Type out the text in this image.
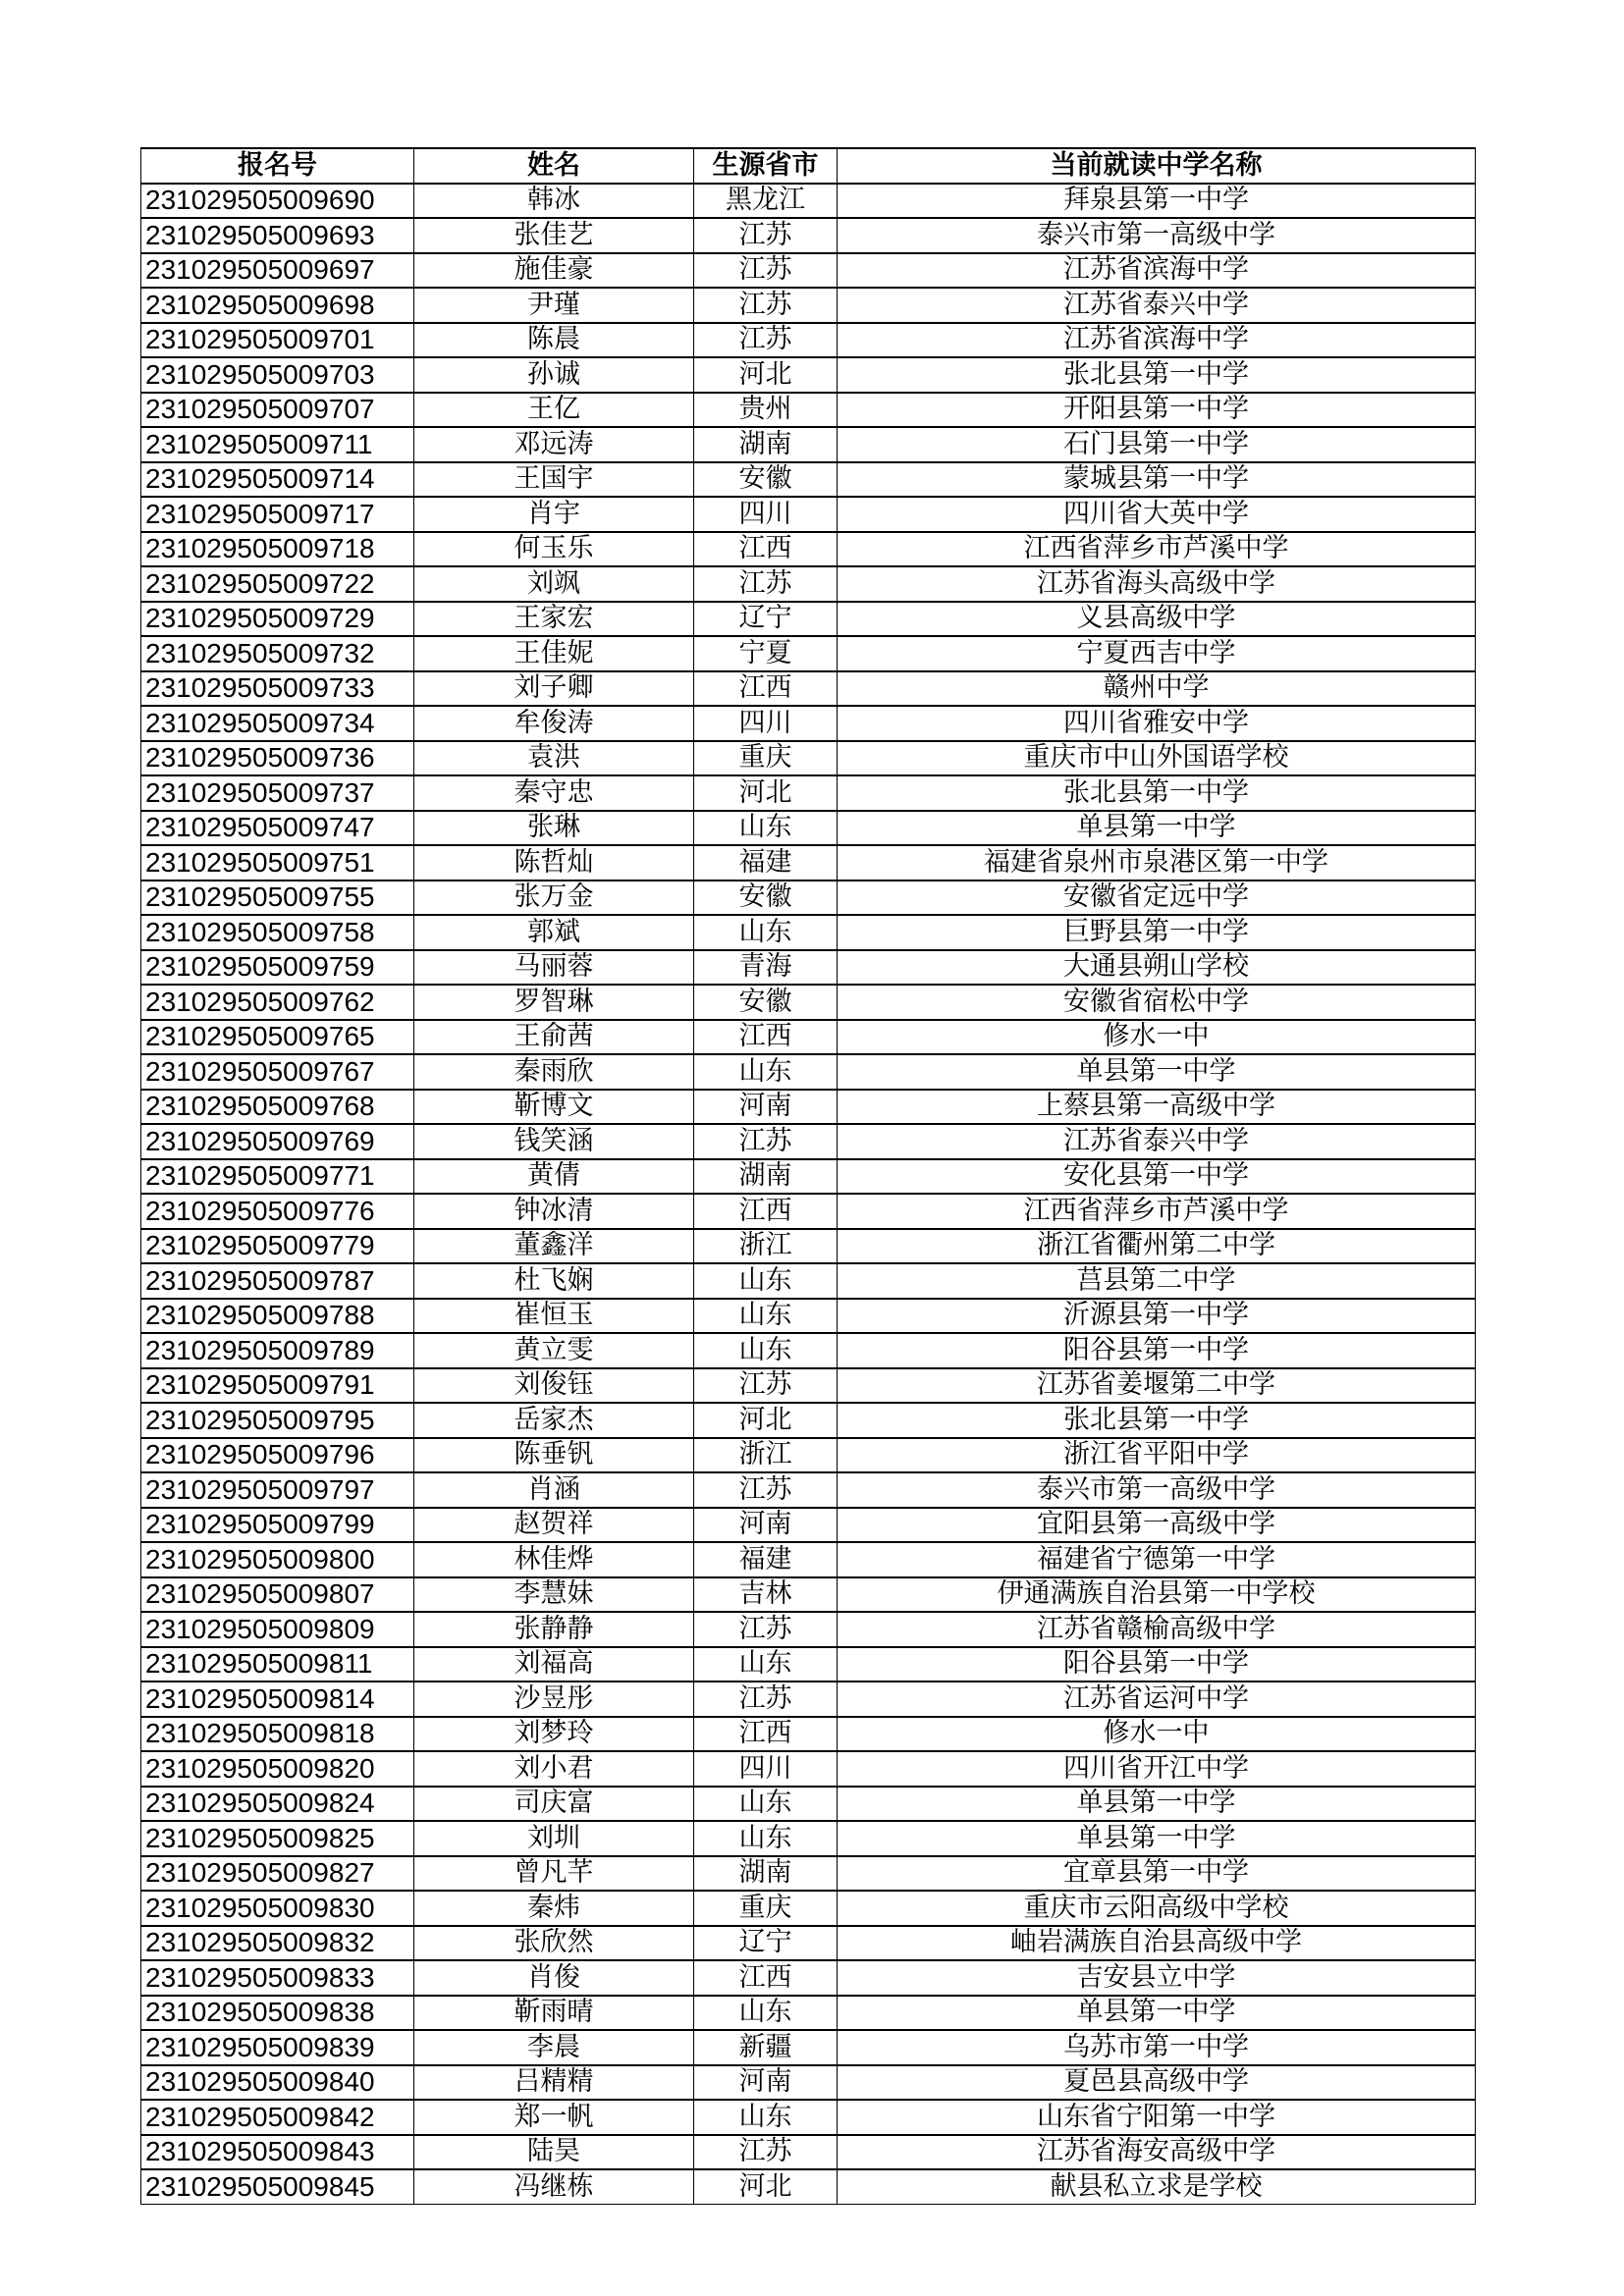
报名号	姓名	生源省市	当前就读中学名称
231029505009690	韩冰	黑龙江	拜泉县第一中学
231029505009693	张佳艺	江苏	泰兴市第一高级中学
231029505009697	施佳豪	江苏	江苏省滨海中学
231029505009698	尹瑾	江苏	江苏省泰兴中学
231029505009701	陈晨	江苏	江苏省滨海中学
231029505009703	孙诚	河北	张北县第一中学
231029505009707	王亿	贵州	开阳县第一中学
231029505009711	邓远涛	湖南	石门县第一中学
231029505009714	王国宇	安徽	蒙城县第一中学
231029505009717	肖宇	四川	四川省大英中学
231029505009718	何玉乐	江西	江西省萍乡市芦溪中学
231029505009722	刘飒	江苏	江苏省海头高级中学
231029505009729	王家宏	辽宁	义县高级中学
231029505009732	王佳妮	宁夏	宁夏西吉中学
231029505009733	刘子卿	江西	赣州中学
231029505009734	牟俊涛	四川	四川省雅安中学
231029505009736	袁洪	重庆	重庆市中山外国语学校
231029505009737	秦守忠	河北	张北县第一中学
231029505009747	张琳	山东	单县第一中学
231029505009751	陈哲灿	福建	福建省泉州市泉港区第一中学
231029505009755	张万金	安徽	安徽省定远中学
231029505009758	郭斌	山东	巨野县第一中学
231029505009759	马丽蓉	青海	大通县朔山学校
231029505009762	罗智琳	安徽	安徽省宿松中学
231029505009765	王俞茜	江西	修水一中
231029505009767	秦雨欣	山东	单县第一中学
231029505009768	靳博文	河南	上蔡县第一高级中学
231029505009769	钱笑涵	江苏	江苏省泰兴中学
231029505009771	黄倩	湖南	安化县第一中学
231029505009776	钟冰清	江西	江西省萍乡市芦溪中学
231029505009779	董鑫洋	浙江	浙江省衢州第二中学
231029505009787	杜飞娴	山东	莒县第二中学
231029505009788	崔恒玉	山东	沂源县第一中学
231029505009789	黄立雯	山东	阳谷县第一中学
231029505009791	刘俊钰	江苏	江苏省姜堰第二中学
231029505009795	岳家杰	河北	张北县第一中学
231029505009796	陈垂钒	浙江	浙江省平阳中学
231029505009797	肖涵	江苏	泰兴市第一高级中学
231029505009799	赵贺祥	河南	宜阳县第一高级中学
231029505009800	林佳烨	福建	福建省宁德第一中学
231029505009807	李慧妹	吉林	伊通满族自治县第一中学校
231029505009809	张静静	江苏	江苏省赣榆高级中学
231029505009811	刘福高	山东	阳谷县第一中学
231029505009814	沙昱彤	江苏	江苏省运河中学
231029505009818	刘梦玲	江西	修水一中
231029505009820	刘小君	四川	四川省开江中学
231029505009824	司庆富	山东	单县第一中学
231029505009825	刘圳	山东	单县第一中学
231029505009827	曾凡芊	湖南	宜章县第一中学
231029505009830	秦炜	重庆	重庆市云阳高级中学校
231029505009832	张欣然	辽宁	岫岩满族自治县高级中学
231029505009833	肖俊	江西	吉安县立中学
231029505009838	靳雨晴	山东	单县第一中学
231029505009839	李晨	新疆	乌苏市第一中学
231029505009840	吕精精	河南	夏邑县高级中学
231029505009842	郑一帆	山东	山东省宁阳第一中学
231029505009843	陆昊	江苏	江苏省海安高级中学
231029505009845	冯继栋	河北	献县私立求是学校
